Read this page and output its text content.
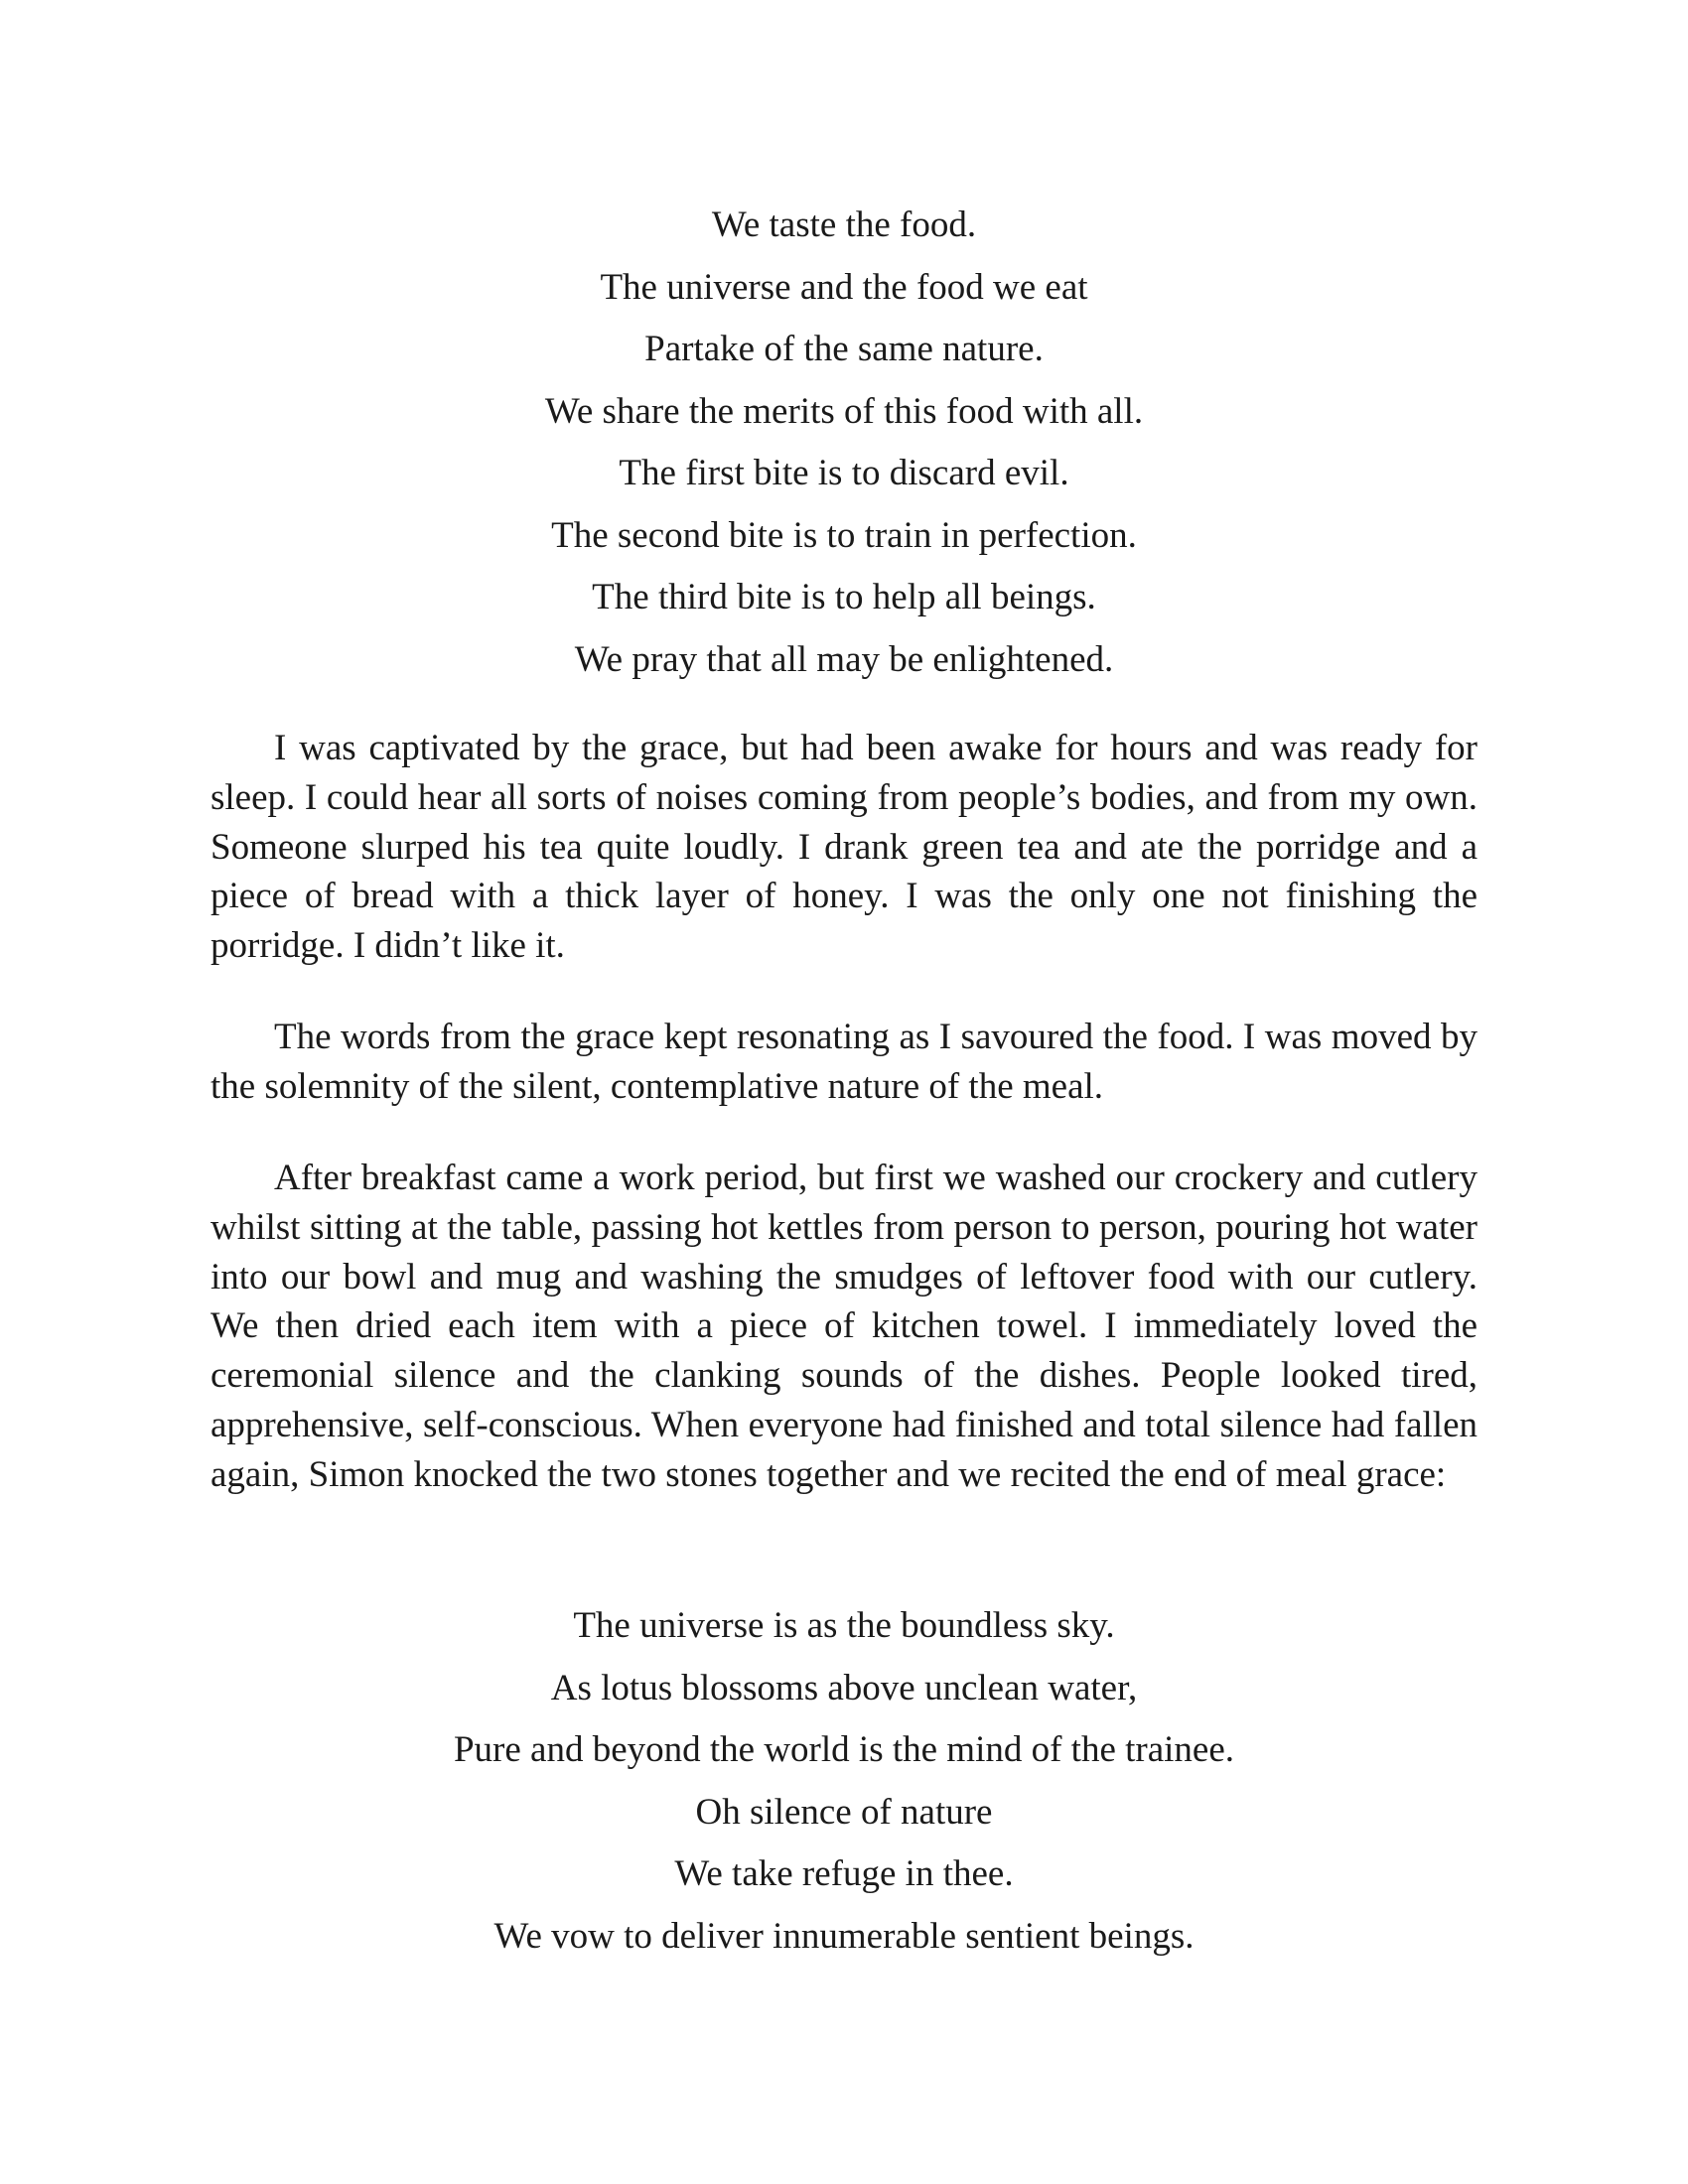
We taste the food.
The universe and the food we eat
Partake of the same nature.
We share the merits of this food with all.
The first bite is to discard evil.
The second bite is to train in perfection.
The third bite is to help all beings.
We pray that all may be enlightened.

I was captivated by the grace, but had been awake for hours and was ready for sleep. I could hear all sorts of noises coming from people’s bodies, and from my own. Someone slurped his tea quite loudly. I drank green tea and ate the porridge and a piece of bread with a thick layer of honey. I was the only one not finishing the porridge. I didn’t like it.

The words from the grace kept resonating as I savoured the food. I was moved by the solemnity of the silent, contemplative nature of the meal.

After breakfast came a work period, but first we washed our crockery and cutlery whilst sitting at the table, passing hot kettles from person to person, pouring hot water into our bowl and mug and washing the smudges of leftover food with our cutlery. We then dried each item with a piece of kitchen towel. I immediately loved the ceremonial silence and the clanking sounds of the dishes. People looked tired, apprehensive, self-conscious. When everyone had finished and total silence had fallen again, Simon knocked the two stones together and we recited the end of meal grace:

The universe is as the boundless sky.
As lotus blossoms above unclean water,
Pure and beyond the world is the mind of the trainee.
Oh silence of nature
We take refuge in thee.
We vow to deliver innumerable sentient beings.
